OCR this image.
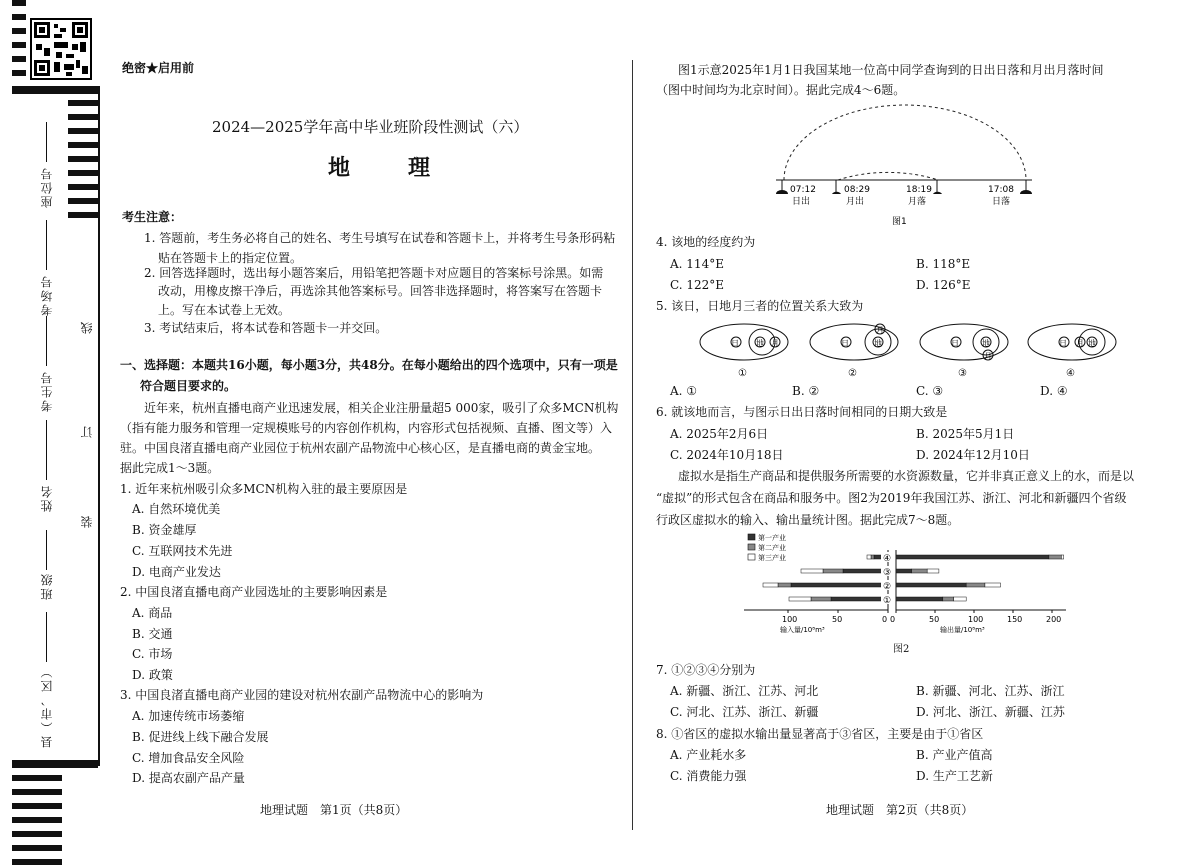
座位号
考场号
考生号
姓名
班级
县（市、区）
线
订
装
绝密★启用前
2024—2025学年高中毕业班阶段性测试（六）
地　理
考生注意：
1. 答题前，考生务必将自己的姓名、考生号填写在试卷和答题卡上，并将考生号条形码粘
贴在答题卡上的指定位置。
2. 回答选择题时，选出每小题答案后，用铅笔把答题卡对应题目的答案标号涂黑。如需
改动，用橡皮擦干净后，再选涂其他答案标号。回答非选择题时，将答案写在答题卡
上。写在本试卷上无效。
3. 考试结束后，将本试卷和答题卡一并交回。
一、选择题：本题共16小题，每小题3分，共48分。在每小题给出的四个选项中，只有一项是
符合题目要求的。
近年来，杭州直播电商产业迅速发展，相关企业注册量超5 000家，吸引了众多MCN机构
（指有能力服务和管理一定规模账号的内容创作机构，内容形式包括视频、直播、图文等）入
驻。中国良渚直播电商产业园位于杭州农副产品物流中心核心区，是直播电商的黄金宝地。
据此完成1～3题。
1. 近年来杭州吸引众多MCN机构入驻的最主要原因是
A. 自然环境优美
B. 资金雄厚
C. 互联网技术先进
D. 电商产业发达
2. 中国良渚直播电商产业园选址的主要影响因素是
A. 商品
B. 交通
C. 市场
D. 政策
3. 中国良渚直播电商产业园的建设对杭州农副产品物流中心的影响为
A. 加速传统市场萎缩
B. 促进线上线下融合发展
C. 增加食品安全风险
D. 提高农副产品产量
地理试题　第1页（共8页）
图1示意2025年1月1日我国某地一位高中同学查询到的日出日落和月出月落时间
（图中时间均为北京时间）。据此完成4～6题。
07:12
日出
08:29
月出
18:19
月落
17:08
日落
图1
4. 该地的经度约为
A. 114°E	B. 118°E
C. 122°E	D. 126°E
5. 该日，日地月三者的位置关系大致为
日 地 月
①
日	地
月
②
日	地
月
③
日	地
月
④
A. ①	B. ②	C. ③	D. ④
6. 就该地而言，与图示日出日落时间相同的日期大致是
A. 2025年2月6日	B. 2025年5月1日
C. 2024年10月18日	D. 2024年12月10日
虚拟水是指生产商品和提供服务所需要的水资源数量，它并非真正意义上的水，而是以
“虚拟”的形式包含在商品和服务中。图2为2019年我国江苏、浙江、河北和新疆四个省级
行政区虚拟水的输入、输出量统计图。据此完成7～8题。
第一产业
第二产业
第三产业
100	50	0 0	50	100	150	200
输入量/10⁸m³	输出量/10⁸m³
④
③
②
①
图2
7. ①②③④分别为
A. 新疆、浙江、江苏、河北	B. 新疆、河北、江苏、浙江
C. 河北、江苏、浙江、新疆	D. 河北、浙江、新疆、江苏
8. ①省区的虚拟水输出量显著高于③省区，主要是由于①省区
A. 产业耗水多	B. 产业产值高
C. 消费能力强	D. 生产工艺新
地理试题　第2页（共8页）
